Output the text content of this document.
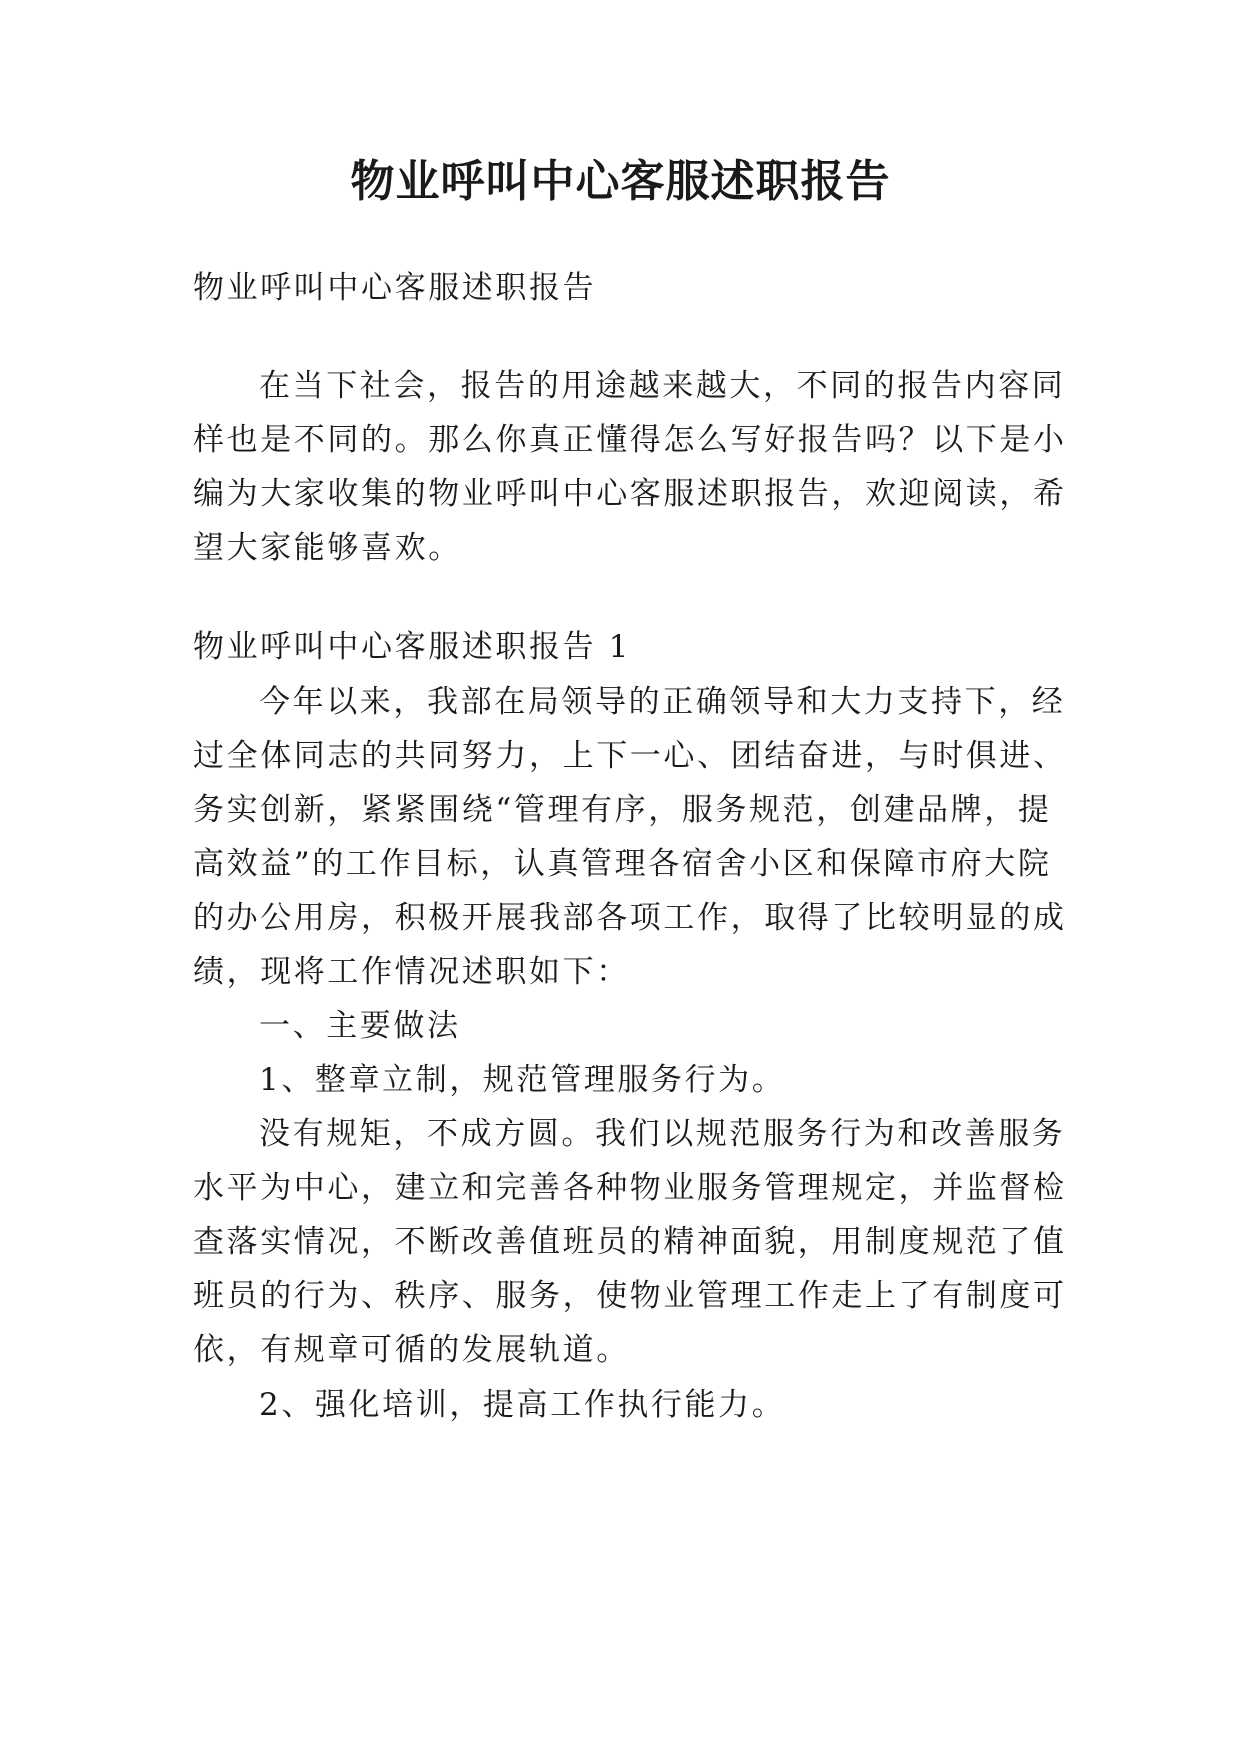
物业呼叫中心客服述职报告

物业呼叫中心客服述职报告

在当下社会，报告的用途越来越大，不同的报告内容同

样也是不同的。那么你真正懂得怎么写好报告吗？以下是小

编为大家收集的物业呼叫中心客服述职报告，欢迎阅读，希

望大家能够喜欢。

物业呼叫中心客服述职报告 1

今年以来，我部在局领导的正确领导和大力支持下，经

过全体同志的共同努力，上下一心、团结奋进，与时俱进、

务实创新，紧紧围绕“管理有序，服务规范，创建品牌，提

高效益”的工作目标，认真管理各宿舍小区和保障市府大院

的办公用房，积极开展我部各项工作，取得了比较明显的成

绩，现将工作情况述职如下：

一、主要做法

1、整章立制，规范管理服务行为。

没有规矩，不成方圆。我们以规范服务行为和改善服务

水平为中心，建立和完善各种物业服务管理规定，并监督检

查落实情况，不断改善值班员的精神面貌，用制度规范了值

班员的行为、秩序、服务，使物业管理工作走上了有制度可

依，有规章可循的发展轨道。

2、强化培训，提高工作执行能力。
